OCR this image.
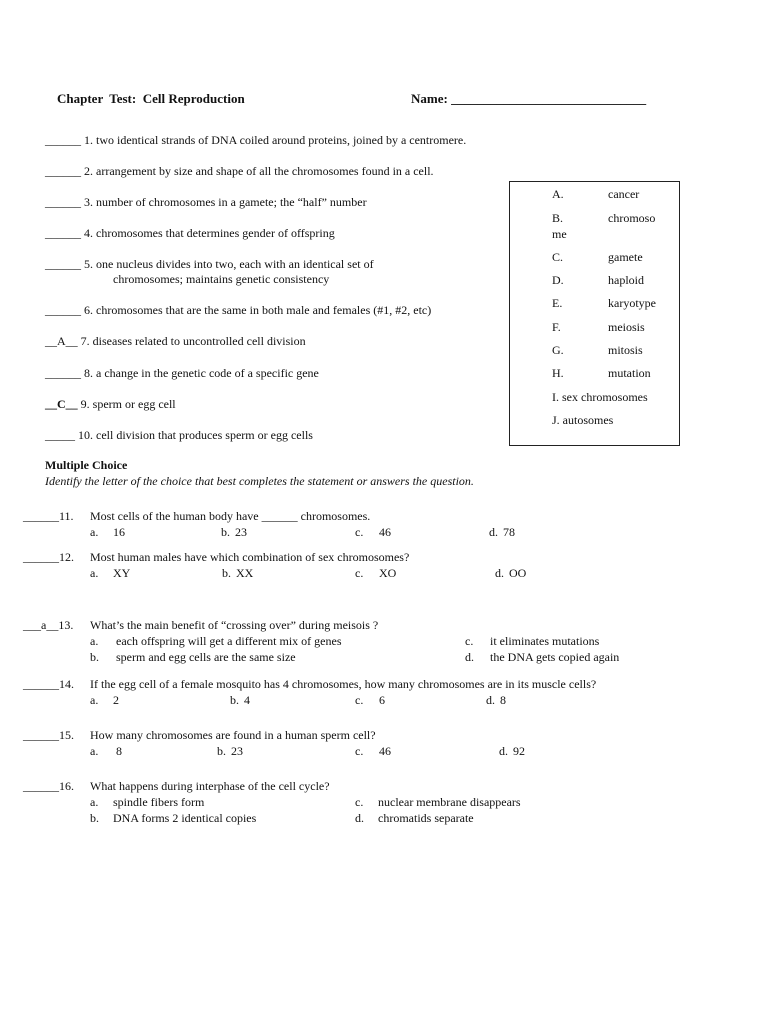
Chapter  Test:  Cell Reproduction	Name: ______________________________
______ 1. two identical strands of DNA coiled around proteins, joined by a centromere.
______ 2. arrangement by size and shape of all the chromosomes found in a cell.
______ 3. number of chromosomes in a gamete; the “half” number
______ 4. chromosomes that determines gender of offspring
______ 5. one nucleus divides into two, each with an identical set of
chromosomes; maintains genetic consistency
______ 6. chromosomes that are the same in both male and females (#1, #2, etc)
__A__ 7. diseases related to uncontrolled cell division
______ 8. a change in the genetic code of a specific gene
__C__ 9. sperm or egg cell
_____ 10. cell division that produces sperm or egg cells
A.	cancer
B.	chromoso
me
C.	gamete
D.	haploid
E.	karyotype
F.	meiosis
G.	mitosis
H.	mutation
I. sex chromosomes
J. autosomes
Multiple Choice
Identify the letter of the choice that best completes the statement or answers the question.
______11. Most cells of the human body have ______ chromosomes.
a. 16	b. 23	c. 46	d. 78
______12. Most human males have which combination of sex chromosomes?
a. XY	b. XX	c. XO	d. OO
___a__13. What’s the main benefit of “crossing over” during meisois ?
a. each offspring will get a different mix of genes
b. sperm and egg cells are the same size
c. it eliminates mutations
d. the DNA gets copied again
______14. If the egg cell of a female mosquito has 4 chromosomes, how many chromosomes are in its muscle cells?
a. 2	b. 4	c. 6	d. 8
______15. How many chromosomes are found in a human sperm cell?
a. 8	b. 23	c. 46	d. 92
______16. What happens during interphase of the cell cycle?
a. spindle fibers form
b. DNA forms 2 identical copies
c. nuclear membrane disappears
d. chromatids separate
